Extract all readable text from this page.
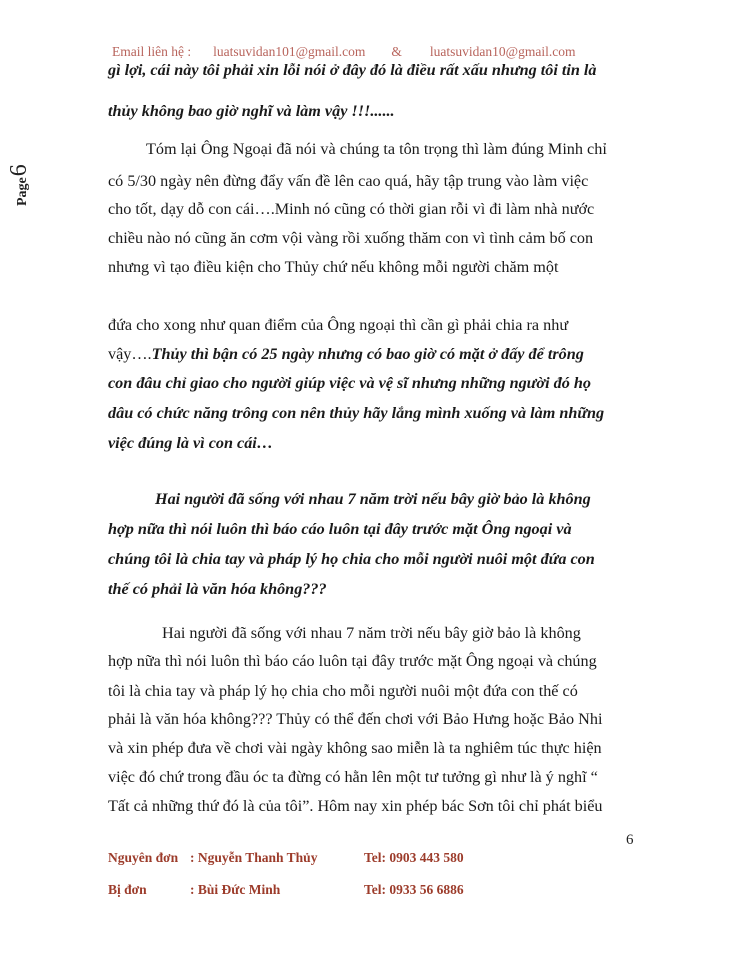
Email liên hệ : luatsuvidan101@gmail.com & luatsuvidan10@gmail.com
Page6
gì lợi, cái này tôi phải xin lỗi nói ở đây đó là điều rất xấu nhưng tôi tin là
thủy không bao giờ nghĩ và làm vậy !!!......
Tóm lại Ông Ngoại đã nói và chúng ta tôn trọng thì làm đúng Minh chỉ
có 5/30 ngày nên đừng đẩy vấn đề lên cao quá, hãy tập trung vào làm việc
cho tốt, dạy dỗ con cái….Minh nó cũng có thời gian rỗi vì đi làm nhà nước
chiều nào nó cũng ăn cơm vội vàng rồi xuống thăm con vì tình cảm bố con
nhưng vì tạo điều kiện cho Thủy chứ nếu không mỗi người chăm một
đứa cho xong như quan điểm của Ông ngoại thì cần gì phải chia ra như
vậy….Thủy thì bận có 25 ngày nhưng có bao giờ có mặt ở đấy để trông
con đâu chỉ giao cho người giúp việc và vệ sĩ nhưng những người đó họ
dâu có chức năng trông con nên thủy hãy lắng mình xuống và làm những
việc đúng là vì con cái…
Hai người đã sống với nhau 7 năm trời nếu bây giờ bảo là không
hợp nữa thì nói luôn thì báo cáo luôn tại đây trước mặt Ông ngoại và
chúng tôi là chia tay và pháp lý họ chia cho mỗi người nuôi một đứa con
thế có phải là văn hóa không???
Hai người đã sống với nhau 7 năm trời nếu bây giờ bảo là không
hợp nữa thì nói luôn thì báo cáo luôn tại đây trước mặt Ông ngoại và chúng
tôi là chia tay và pháp lý họ chia cho mỗi người nuôi một đứa con thế có
phải là văn hóa không??? Thủy có thể đến chơi với Bảo Hưng hoặc Bảo Nhi
và xin phép đưa về chơi vài ngày không sao miễn là ta nghiêm túc thực hiện
việc đó chứ trong đầu óc ta đừng có hằn lên một tư tưởng gì như là ý nghĩ “
Tất cả những thứ đó là của tôi”. Hôm nay xin phép bác Sơn tôi chỉ phát biểu
6
Nguyên đơn : Nguyễn Thanh Thủy	Tel: 0903 443 580
Bị đơn	: Bùi Đức Minh	Tel: 0933 56 6886
